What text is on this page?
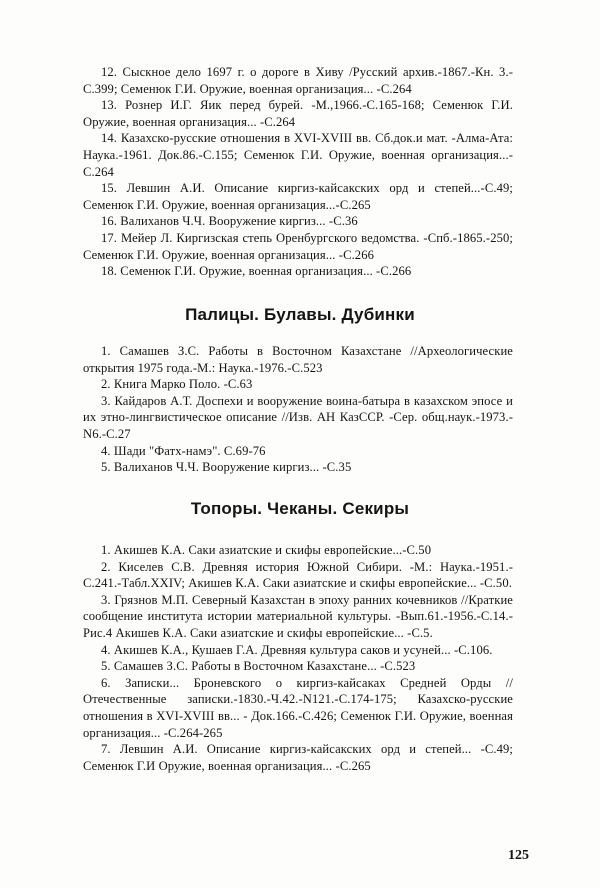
12. Сыскное дело 1697 г. о дороге в Хиву /Русский архив.-1867.-Кн. 3.-С.399; Семенюк Г.И. Оружие, военная организация... -С.264

13. Рознер И.Г. Яик перед бурей. -М.,1966.-С.165-168; Семенюк Г.И. Оружие, военная организация... -С.264

14. Казахско-русские отношения в XVI-XVIII вв. Сб.док.и мат. -Алма-Ата: Наука.-1961. Док.86.-С.155; Семенюк Г.И. Оружие, военная организация...-С.264

15. Левшин А.И. Описание киргиз-кайсакских орд и степей...-С.49; Семенюк Г.И. Оружие, военная организация...-С.265

16. Валиханов Ч.Ч. Вооружение киргиз... -С.36

17. Мейер Л. Киргизская степь Оренбургского ведомства. -Спб.-1865.-250; Семенюк Г.И. Оружие, военная организация... -С.266

18. Семенюк Г.И. Оружие, военная организация... -С.266

Палицы. Булавы. Дубинки

1. Самашев З.С. Работы в Восточном Казахстане //Археологические открытия 1975 года.-М.: Наука.-1976.-С.523

2. Книга Марко Поло. -С.63

3. Кайдаров А.Т. Доспехи и вооружение воина-батыра в казахском эпосе и их этно-лингвистическое описание //Изв. АН КазССР. -Сер. общ.наук.-1973.-N6.-С.27

4. Шади "Фатх-намэ". С.69-76

5. Валиханов Ч.Ч. Вооружение киргиз... -С.35

Топоры. Чеканы. Секиры

1. Акишев К.А. Саки азиатские и скифы европейские...-С.50

2. Киселев С.В. Древняя история Южной Сибири. -М.: Наука.-1951.-С.241.-Табл.XXIV; Акишев К.А. Саки азиатские и скифы европейские... -С.50.

3. Грязнов М.П. Северный Казахстан в эпоху ранних кочевников //Краткие сообщение института истории материальной культуры. -Вып.61.-1956.-С.14.-Рис.4 Акишев К.А. Саки азиатские и скифы европейские... -С.5.

4. Акишев К.А., Кушаев Г.А. Древняя культура саков и усуней... -С.106.

5. Самашев З.С. Работы в Восточном Казахстане... -С.523

6. Записки... Броневского о киргиз-кайсаках Средней Орды //Отечественные записки.-1830.-Ч.42.-N121.-С.174-175; Казахско-русские отношения в XVI-XVIII вв... - Док.166.-С.426; Семенюк Г.И. Оружие, военная организация... -С.264-265

7. Левшин А.И. Описание киргиз-кайсакских орд и степей... -С.49; Семенюк Г.И Оружие, военная организация... -С.265

125
